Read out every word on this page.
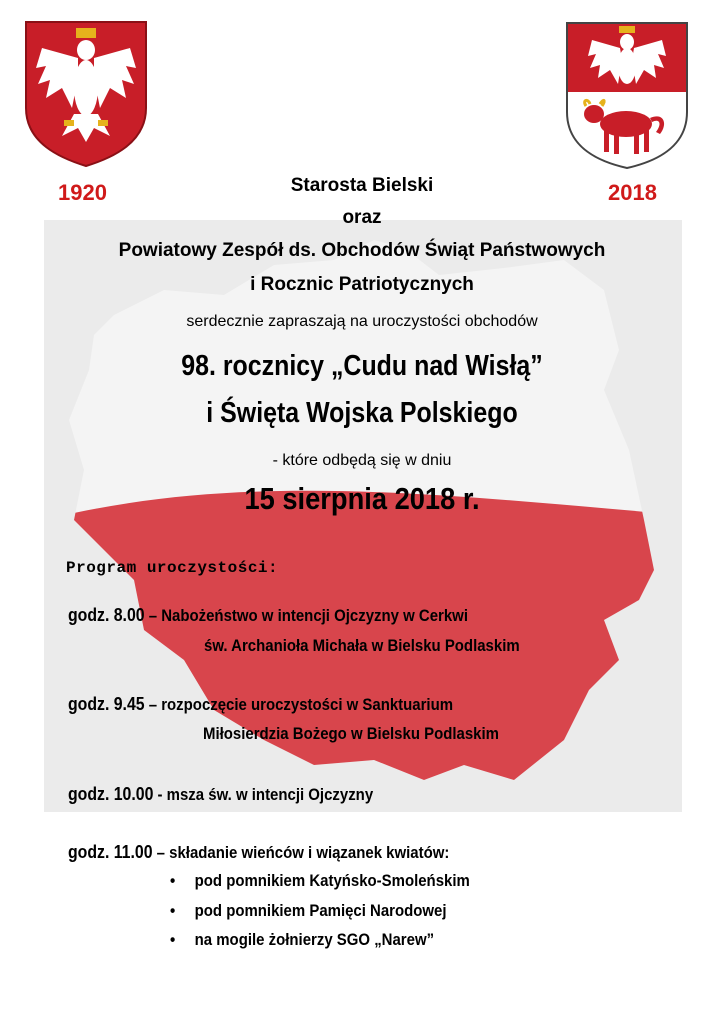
1920	2018
Starosta Bielski
oraz
Powiatowy Zespół ds. Obchodów Świąt Państwowych
i Rocznic Patriotycznych
serdecznie zapraszają na uroczystości obchodów
98. rocznicy „Cudu nad Wisłą”
i Święta Wojska Polskiego
- które odbędą się w dniu
15 sierpnia 2018 r.
Program uroczystości:
godz. 8.00 – Nabożeństwo w intencji Ojczyzny w Cerkwi
św. Archanioła Michała w Bielsku Podlaskim
godz. 9.45 – rozpoczęcie uroczystości w Sanktuarium
Miłosierdzia Bożego w Bielsku Podlaskim
godz. 10.00 - msza św. w intencji Ojczyzny
godz. 11.00 – składanie wieńców i wiązanek kwiatów:
• pod pomnikiem Katyńsko-Smoleńskim
• pod pomnikiem Pamięci Narodowej
• na mogile żołnierzy SGO „Narew”
